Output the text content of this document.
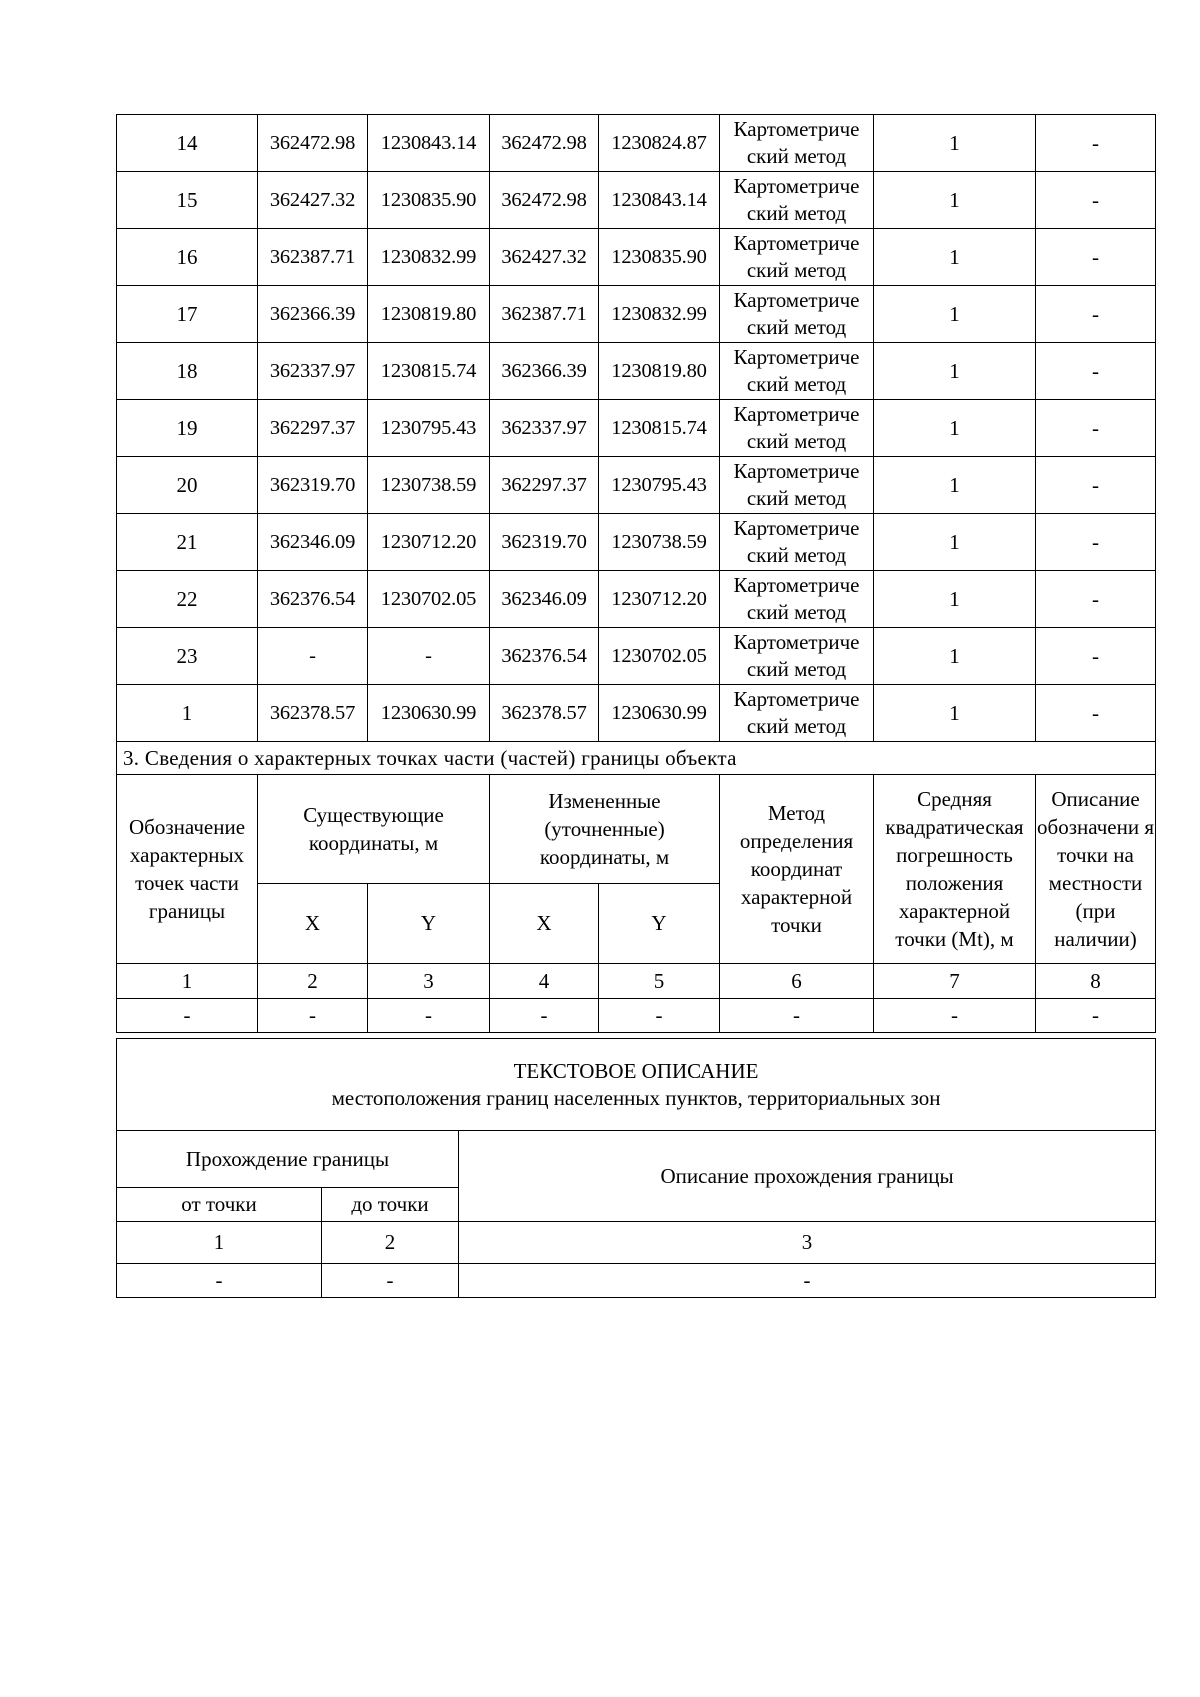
14	362472.98	1230843.14	362472.98	1230824.87	Картометриче
ский метод	1	-
15	362427.32	1230835.90	362472.98	1230843.14	Картометриче
ский метод	1	-
16	362387.71	1230832.99	362427.32	1230835.90	Картометриче
ский метод	1	-
17	362366.39	1230819.80	362387.71	1230832.99	Картометриче
ский метод	1	-
18	362337.97	1230815.74	362366.39	1230819.80	Картометриче
ский метод	1	-
19	362297.37	1230795.43	362337.97	1230815.74	Картометриче
ский метод	1	-
20	362319.70	1230738.59	362297.37	1230795.43	Картометриче
ский метод	1	-
21	362346.09	1230712.20	362319.70	1230738.59	Картометриче
ский метод	1	-
22	362376.54	1230702.05	362346.09	1230712.20	Картометриче
ский метод	1	-
23	-	-	362376.54	1230702.05	Картометриче
ский метод	1	-
1	362378.57	1230630.99	362378.57	1230630.99	Картометриче
ский метод	1	-
3. Сведения о характерных точках части (частей) границы объекта							
Обозначение характерных точек части границы	Существующие координаты, м		Измененные (уточненные) координаты, м		Метод определения координат характерной точки	Средняя квадратическая погрешность положения характерной точки (Mt), м	Описание обозначени я точки на местности (при наличии)
	X	Y	X	Y			
1	2	3	4	5	6	7	8
-	-	-	-	-	-	-	-
ТЕКСТОВОЕ ОПИСАНИЕ
местоположения границ населенных пунктов, территориальных зон		

Прохождение границы		Описание прохождения границы
от точки	до точки	
1	2	3
-	-	-
